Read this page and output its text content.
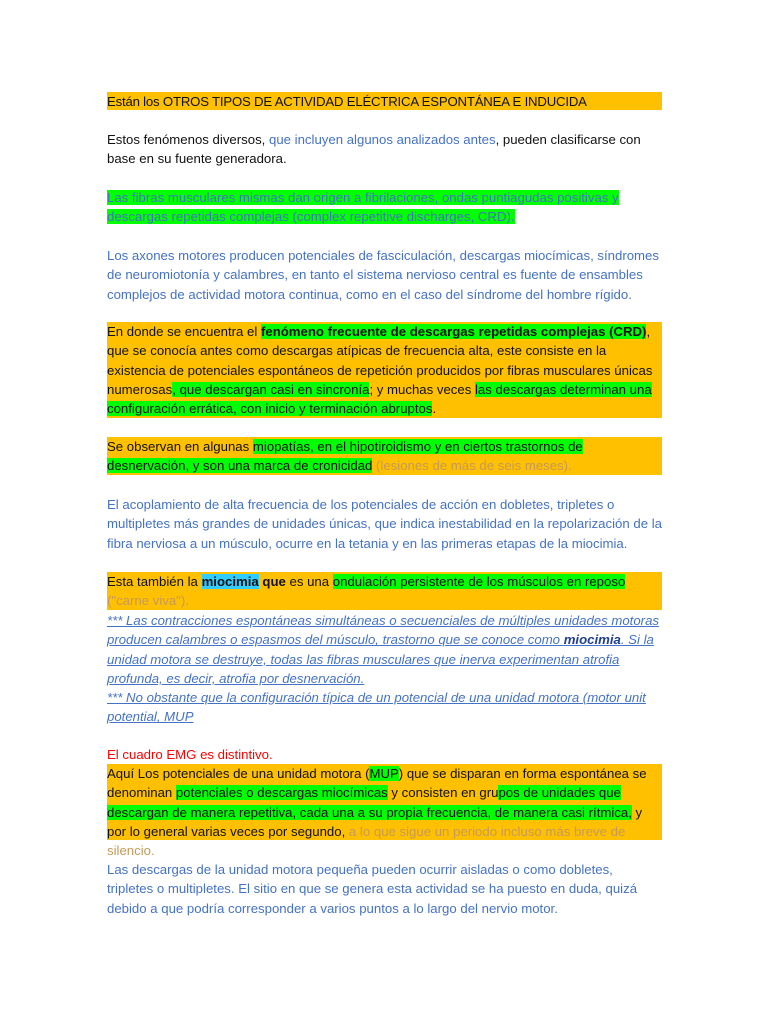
Están los OTROS TIPOS DE ACTIVIDAD ELÉCTRICA ESPONTÁNEA E INDUCIDA
Estos fenómenos diversos, que incluyen algunos analizados antes, pueden clasificarse con base en su fuente generadora.
Las fibras musculares mismas dan origen a fibrilaciones, ondas puntiagudas positivas y descargas repetidas complejas (complex repetitive discharges, CRD).
Los axones motores producen potenciales de fasciculación, descargas miocímicas, síndromes de neuromiotonía y calambres, en tanto el sistema nervioso central es fuente de ensambles complejos de actividad motora continua, como en el caso del síndrome del hombre rígido.
En donde se encuentra el fenómeno frecuente de descargas repetidas complejas (CRD), que se conocía antes como descargas atípicas de frecuencia alta, este consiste en la existencia de potenciales espontáneos de repetición producidos por fibras musculares únicas numerosas, que descargan casi en sincronía; y muchas veces las descargas determinan una configuración errática, con inicio y terminación abruptos.
Se observan en algunas miopatías, en el hipotiroidismo y en ciertos trastornos de desnervación, y son una marca de cronicidad (lesiones de más de seis meses).
El acoplamiento de alta frecuencia de los potenciales de acción en dobletes, tripletes o multipletes más grandes de unidades únicas, que indica inestabilidad en la repolarización de la fibra nerviosa a un músculo, ocurre en la tetania y en las primeras etapas de la miocimia.
Esta también la miocimia que es una ondulación persistente de los músculos en reposo ("carne viva").
*** Las contracciones espontáneas simultáneas o secuenciales de múltiples unidades motoras producen calambres o espasmos del músculo, trastorno que se conoce como miocimia. Si la unidad motora se destruye, todas las fibras musculares que inerva experimentan atrofia profunda, es decir, atrofia por desnervación.
*** No obstante que la configuración típica de un potencial de una unidad motora (motor unit potential, MUP
El cuadro EMG es distintivo.
Aquí Los potenciales de una unidad motora (MUP) que se disparan en forma espontánea se denominan potenciales o descargas miocímicas y consisten en grupos de unidades que descargan de manera repetitiva, cada una a su propia frecuencia, de manera casi rítmica, y por lo general varias veces por segundo, a lo que sigue un periodo incluso más breve de silencio.
Las descargas de la unidad motora pequeña pueden ocurrir aisladas o como dobletes, tripletes o multipletes. El sitio en que se genera esta actividad se ha puesto en duda, quizá debido a que podría corresponder a varios puntos a lo largo del nervio motor.
